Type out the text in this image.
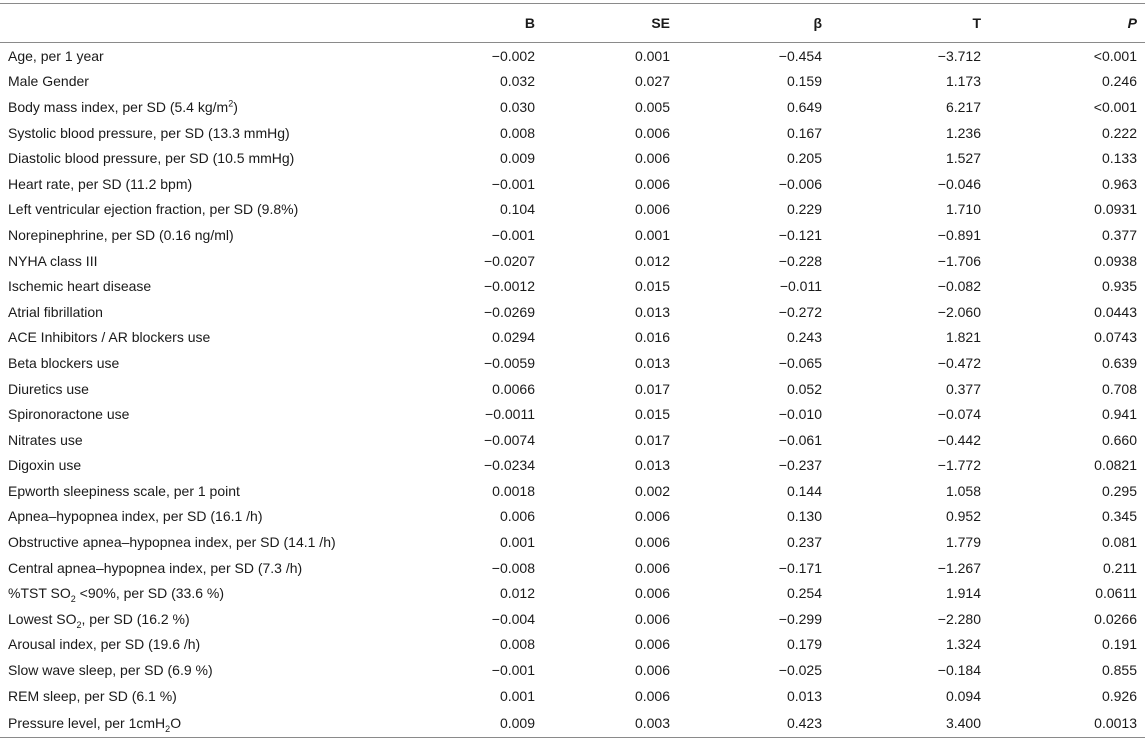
	B	SE	β	T	P
Age, per 1 year	−0.002	0.001	−0.454	−3.712	<0.001
Male Gender	0.032	0.027	0.159	1.173	0.246
Body mass index, per SD (5.4 $kg/m^2$)	0.030	0.005	0.649	6.217	<0.001
Systolic blood pressure, per SD (13.3 mmHg)	0.008	0.006	0.167	1.236	0.222
Diastolic blood pressure, per SD (10.5 mmHg)	0.009	0.006	0.205	1.527	0.133
Heart rate, per SD (11.2 bpm)	−0.001	0.006	−0.006	−0.046	0.963
Left ventricular ejection fraction, per SD (9.8%)	0.104	0.006	0.229	1.710	0.0931
Norepinephrine, per SD (0.16 ng/ml)	−0.001	0.001	−0.121	−0.891	0.377
NYHA class III	−0.0207	0.012	−0.228	−1.706	0.0938
Ischemic heart disease	−0.0012	0.015	−0.011	−0.082	0.935
Atrial fibrillation	−0.0269	0.013	−0.272	−2.060	0.0443
ACE Inhibitors / AR blockers use	0.0294	0.016	0.243	1.821	0.0743
Beta blockers use	−0.0059	0.013	−0.065	−0.472	0.639
Diuretics use	0.0066	0.017	0.052	0.377	0.708
Spironoractone use	−0.0011	0.015	−0.010	−0.074	0.941
Nitrates use	−0.0074	0.017	−0.061	−0.442	0.660
Digoxin use	−0.0234	0.013	−0.237	−1.772	0.0821
Epworth sleepiness scale, per 1 point	0.0018	0.002	0.144	1.058	0.295
Apnea–hypopnea index, per SD (16.1 /h)	0.006	0.006	0.130	0.952	0.345
Obstructive apnea–hypopnea index, per SD (14.1 /h)	0.001	0.006	0.237	1.779	0.081
Central apnea–hypopnea index, per SD (7.3 /h)	−0.008	0.006	−0.171	−1.267	0.211
%TST $SO_2 <90\%$, per SD (33.6 %)	0.012	0.006	0.254	1.914	0.0611
Lowest $SO_2$, per SD (16.2 %)	−0.004	0.006	−0.299	−2.280	0.0266
Arousal index, per SD (19.6 /h)	0.008	0.006	0.179	1.324	0.191
Slow wave sleep, per SD (6.9 %)	−0.001	0.006	−0.025	−0.184	0.855
REM sleep, per SD (6.1 %)	0.001	0.006	0.013	0.094	0.926
Pressure level, per 1cmH$_2$O	0.009	0.003	0.423	3.400	0.0013
